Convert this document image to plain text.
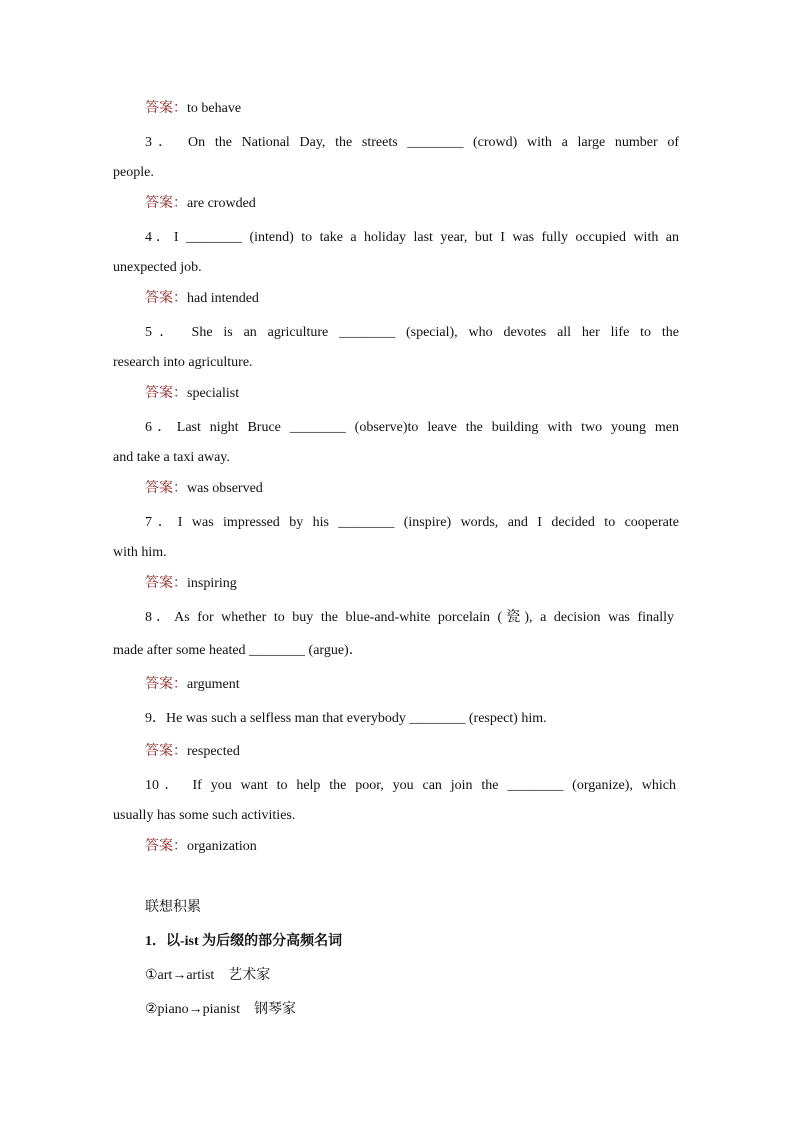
答案：to behave
3． On the National Day, the streets ________ (crowd) with a large number of
people.
答案：are crowded
4．I ________ (intend) to take a holiday last year, but I was fully occupied with an
unexpected job.
答案：had intended
5． She is an agriculture ________ (special), who devotes all her life to the
research into agriculture.
答案：specialist
6．Last night Bruce ________ (observe)to leave the building with two young men
and take a taxi away.
答案：was observed
7．I was impressed by his ________ (inspire) words, and I decided to cooperate
with him.
答案：inspiring
8．As for whether to buy the blue-and-white porcelain (瓷), a decision was finally
made after some heated ________ (argue)．
答案：argument
9．He was such a selfless man that everybody ________ (respect) him.
答案：respected
10． If you want to help the poor, you can join the ________ (organize), which
usually has some such activities.
答案：organization
联想积累
1．以-ist 为后缀的部分高频名词
①art→artist　艺术家
②piano→pianist　钢琴家
